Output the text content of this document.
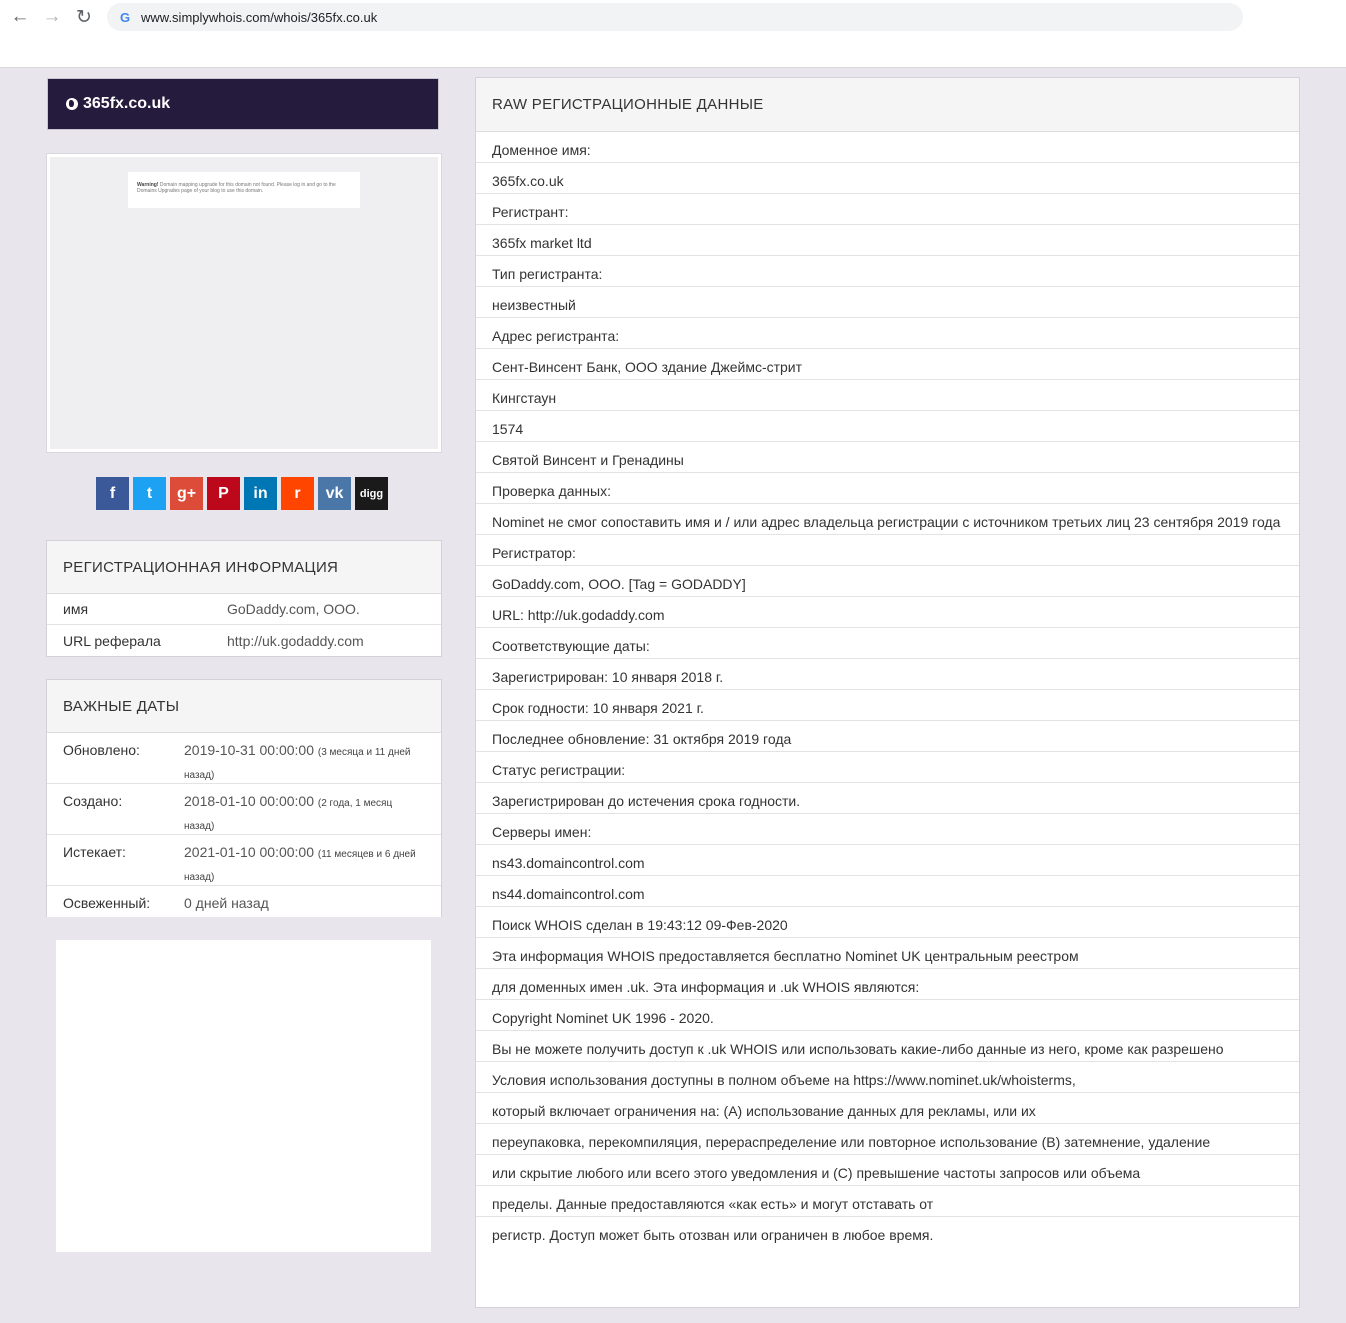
← → ↻	G www.simplywhois.com/whois/365fx.co.uk
365fx.co.uk
Warning! Domain mapping upgrade for this domain not found. Please log in and go to the Domains Upgrades page of your blog to use this domain.
f t g+ P in r vk digg
РЕГИСТРАЦИОННАЯ ИНФОРМАЦИЯ
имя	GoDaddy.com, ООО.
URL реферала	http://uk.godaddy.com
ВАЖНЫЕ ДАТЫ
Обновлено:	2019-10-31 00:00:00 (3 месяца и 11 дней назад)
Создано:	2018-01-10 00:00:00 (2 года, 1 месяц назад)
Истекает:	2021-01-10 00:00:00 (11 месяцев и 6 дней назад)
Освеженный:	0 дней назад
RAW РЕГИСТРАЦИОННЫЕ ДАННЫЕ
Доменное имя:
365fx.co.uk
Регистрант:
365fx market ltd
Тип регистранта:
неизвестный
Адрес регистранта:
Сент-Винсент Банк, ООО здание Джеймс-стрит
Кингстаун
1574
Святой Винсент и Гренадины
Проверка данных:
Nominet не смог сопоставить имя и / или адрес владельца регистрации с источником третьих лиц 23 сентября 2019 года
Регистратор:
GoDaddy.com, ООО. [Tag = GODADDY]
URL: http://uk.godaddy.com
Соответствующие даты:
Зарегистрирован: 10 января 2018 г.
Срок годности: 10 января 2021 г.
Последнее обновление: 31 октября 2019 года
Статус регистрации:
Зарегистрирован до истечения срока годности.
Серверы имен:
ns43.domaincontrol.com
ns44.domaincontrol.com
Поиск WHOIS сделан в 19:43:12 09-Фев-2020
Эта информация WHOIS предоставляется бесплатно Nominet UK центральным реестром
для доменных имен .uk. Эта информация и .uk WHOIS являются:
Copyright Nominet UK 1996 - 2020.
Вы не можете получить доступ к .uk WHOIS или использовать какие-либо данные из него, кроме как разрешено
Условия использования доступны в полном объеме на https://www.nominet.uk/whoisterms,
который включает ограничения на: (A) использование данных для рекламы, или их
переупаковка, перекомпиляция, перераспределение или повторное использование (B) затемнение, удаление
или скрытие любого или всего этого уведомления и (C) превышение частоты запросов или объема
пределы. Данные предоставляются «как есть» и могут отставать от
регистр. Доступ может быть отозван или ограничен в любое время.
